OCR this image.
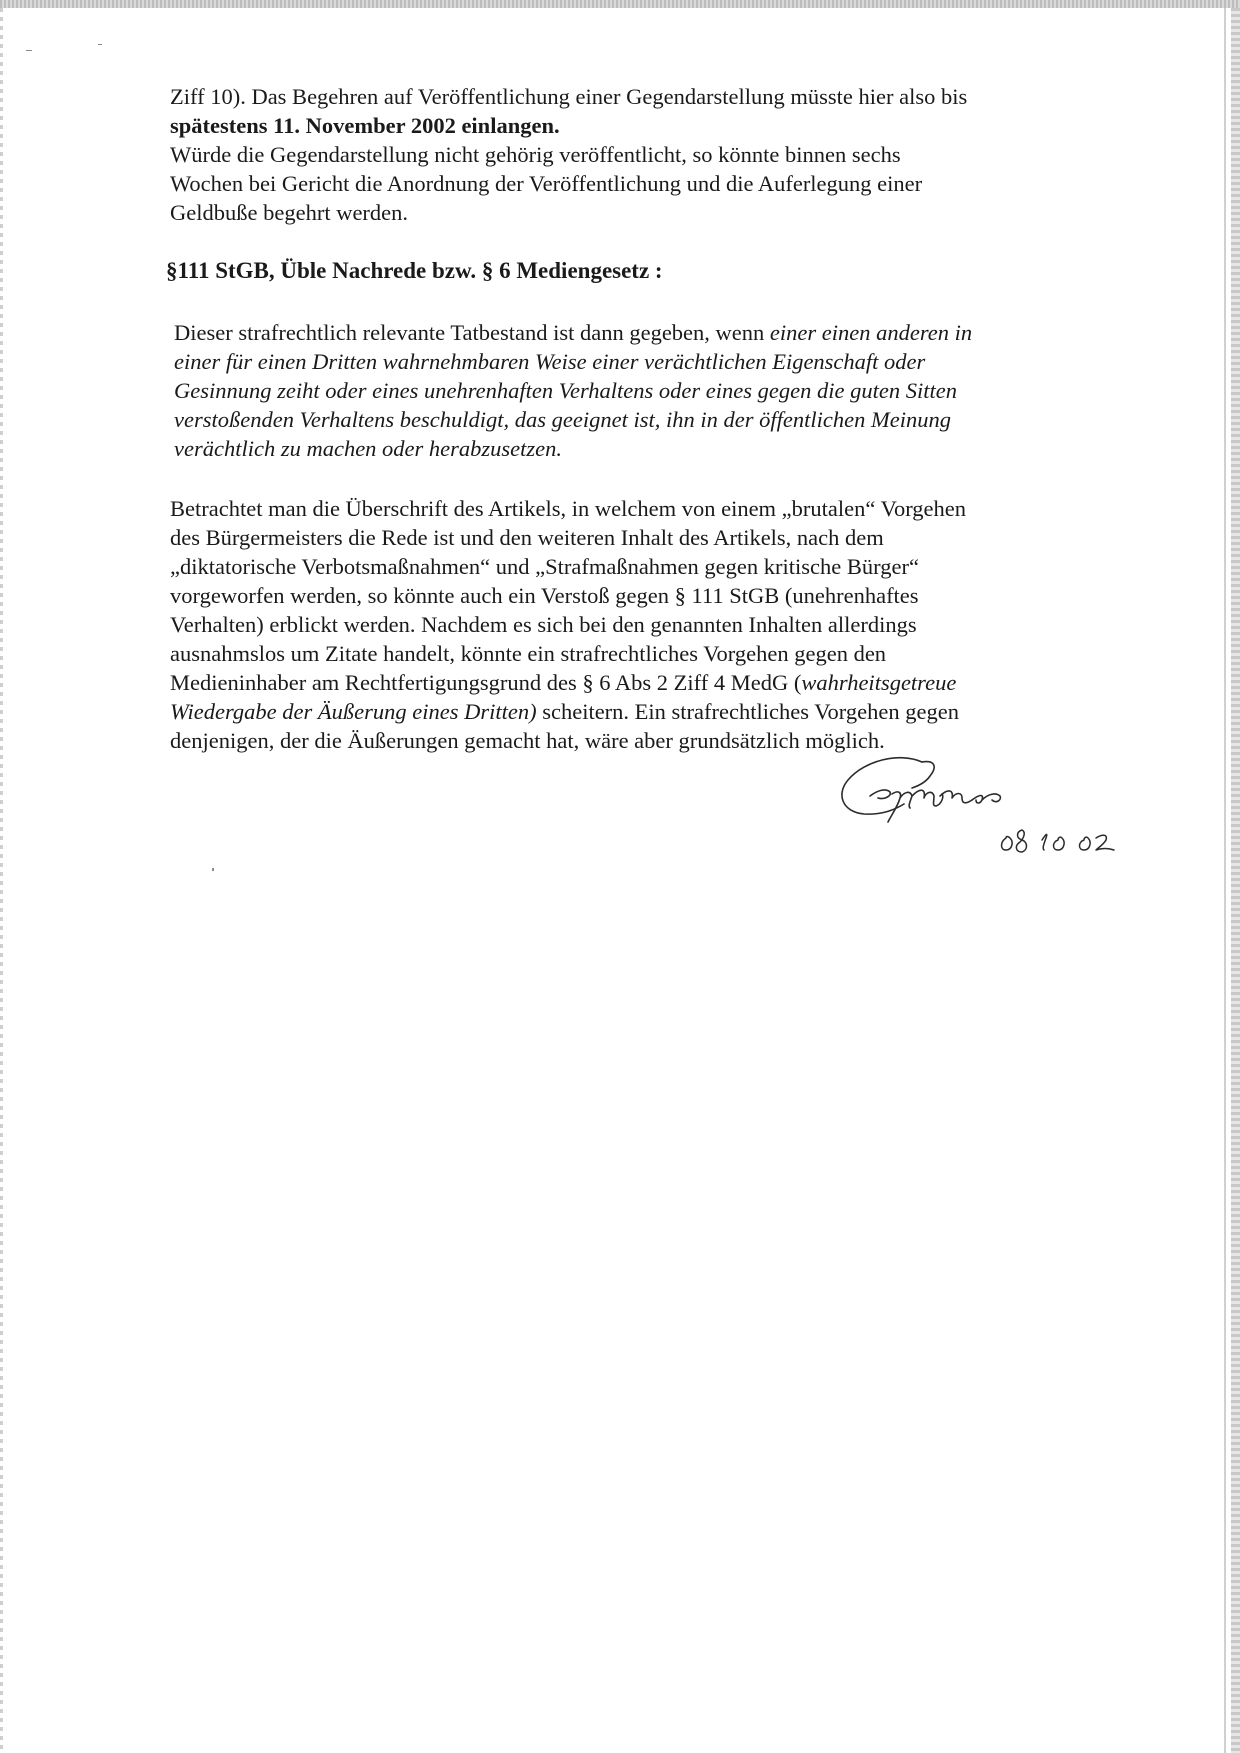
Ziff 10). Das Begehren auf Veröffentlichung einer Gegendarstellung müsste hier also bis

spätestens 11. November 2002 einlangen.

Würde die Gegendarstellung nicht gehörig veröffentlicht, so könnte binnen sechs

Wochen bei Gericht die Anordnung der Veröffentlichung und die Auferlegung einer

Geldbuße begehrt werden.

§111 StGB, Üble Nachrede bzw. § 6 Mediengesetz :

Dieser strafrechtlich relevante Tatbestand ist dann gegeben, wenn einer einen anderen in

einer für einen Dritten wahrnehmbaren Weise einer verächtlichen Eigenschaft oder

Gesinnung zeiht oder eines unehrenhaften Verhaltens oder eines gegen die guten Sitten

verstoßenden Verhaltens beschuldigt, das geeignet ist, ihn in der öffentlichen Meinung

verächtlich zu machen oder herabzusetzen.

Betrachtet man die Überschrift des Artikels, in welchem von einem „brutalen“ Vorgehen

des Bürgermeisters die Rede ist und den weiteren Inhalt des Artikels, nach dem

„diktatorische Verbotsmaßnahmen“ und „Strafmaßnahmen gegen kritische Bürger“

vorgeworfen werden, so könnte auch ein Verstoß gegen § 111 StGB (unehrenhaftes

Verhalten) erblickt werden. Nachdem es sich bei den genannten Inhalten allerdings

ausnahmslos um Zitate handelt, könnte ein strafrechtliches Vorgehen gegen den

Medieninhaber am Rechtfertigungsgrund des § 6 Abs 2 Ziff 4 MedG (wahrheitsgetreue

Wiedergabe der Äußerung eines Dritten) scheitern. Ein strafrechtliches Vorgehen gegen

denjenigen, der die Äußerungen gemacht hat, wäre aber grundsätzlich möglich.
